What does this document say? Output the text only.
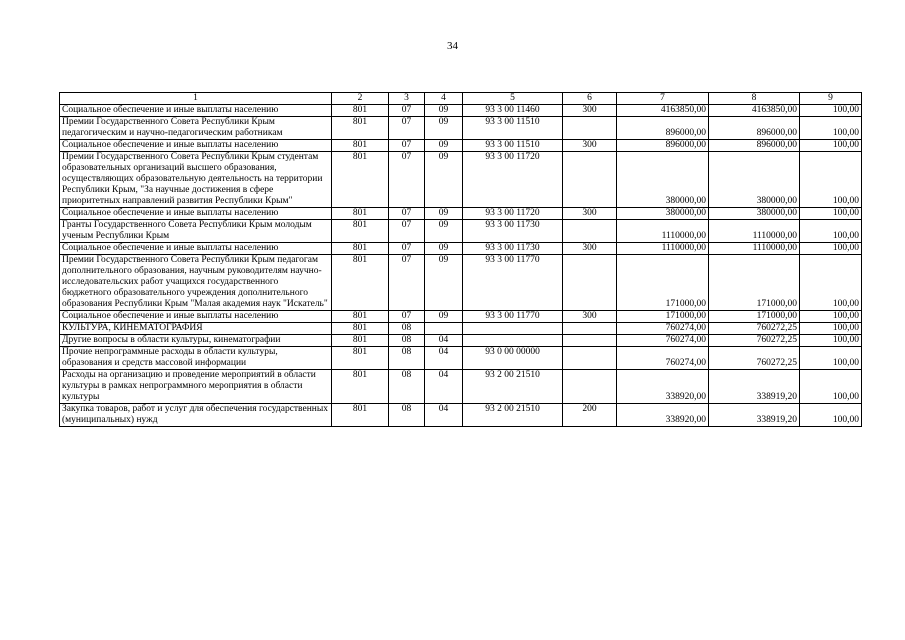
34
1	2	3	4	5	6	7	8	9
Социальное обеспечение и иные выплаты населению	801	07	09	93 3 00 11460	300	4163850,00	4163850,00	100,00
Премии Государственного Совета Республики Крым педагогическим и научно-педагогическим работникам	801	07	09	93 3 00 11510		896000,00	896000,00	100,00
Социальное обеспечение и иные выплаты населению	801	07	09	93 3 00 11510	300	896000,00	896000,00	100,00
Премии Государственного Совета Республики Крым студентам образовательных организаций высшего образования, осуществляющих образовательную деятельность на территории Республики Крым, "За научные достижения в сфере приоритетных направлений развития Республики Крым"	801	07	09	93 3 00 11720		380000,00	380000,00	100,00
Социальное обеспечение и иные выплаты населению	801	07	09	93 3 00 11720	300	380000,00	380000,00	100,00
Гранты Государственного Совета Республики Крым молодым ученым Республики Крым	801	07	09	93 3 00 11730		1110000,00	1110000,00	100,00
Социальное обеспечение и иные выплаты населению	801	07	09	93 3 00 11730	300	1110000,00	1110000,00	100,00
Премии Государственного Совета Республики Крым педагогам дополнительного образования, научным руководителям научно-исследовательских работ учащихся государственного бюджетного образовательного учреждения дополнительного образования Республики Крым "Малая академия наук "Искатель"	801	07	09	93 3 00 11770		171000,00	171000,00	100,00
Социальное обеспечение и иные выплаты населению	801	07	09	93 3 00 11770	300	171000,00	171000,00	100,00
КУЛЬТУРА, КИНЕМАТОГРАФИЯ	801	08				760274,00	760272,25	100,00
Другие вопросы в области культуры, кинематографии	801	08	04			760274,00	760272,25	100,00
Прочие непрограммные расходы в области культуры, образования и средств массовой информации	801	08	04	93 0 00 00000		760274,00	760272,25	100,00
Расходы на организацию и проведение мероприятий в области культуры в рамках непрограммного мероприятия в области культуры	801	08	04	93 2 00 21510		338920,00	338919,20	100,00
Закупка товаров, работ и услуг для обеспечения государственных (муниципальных) нужд	801	08	04	93 2 00 21510	200	338920,00	338919,20	100,00
